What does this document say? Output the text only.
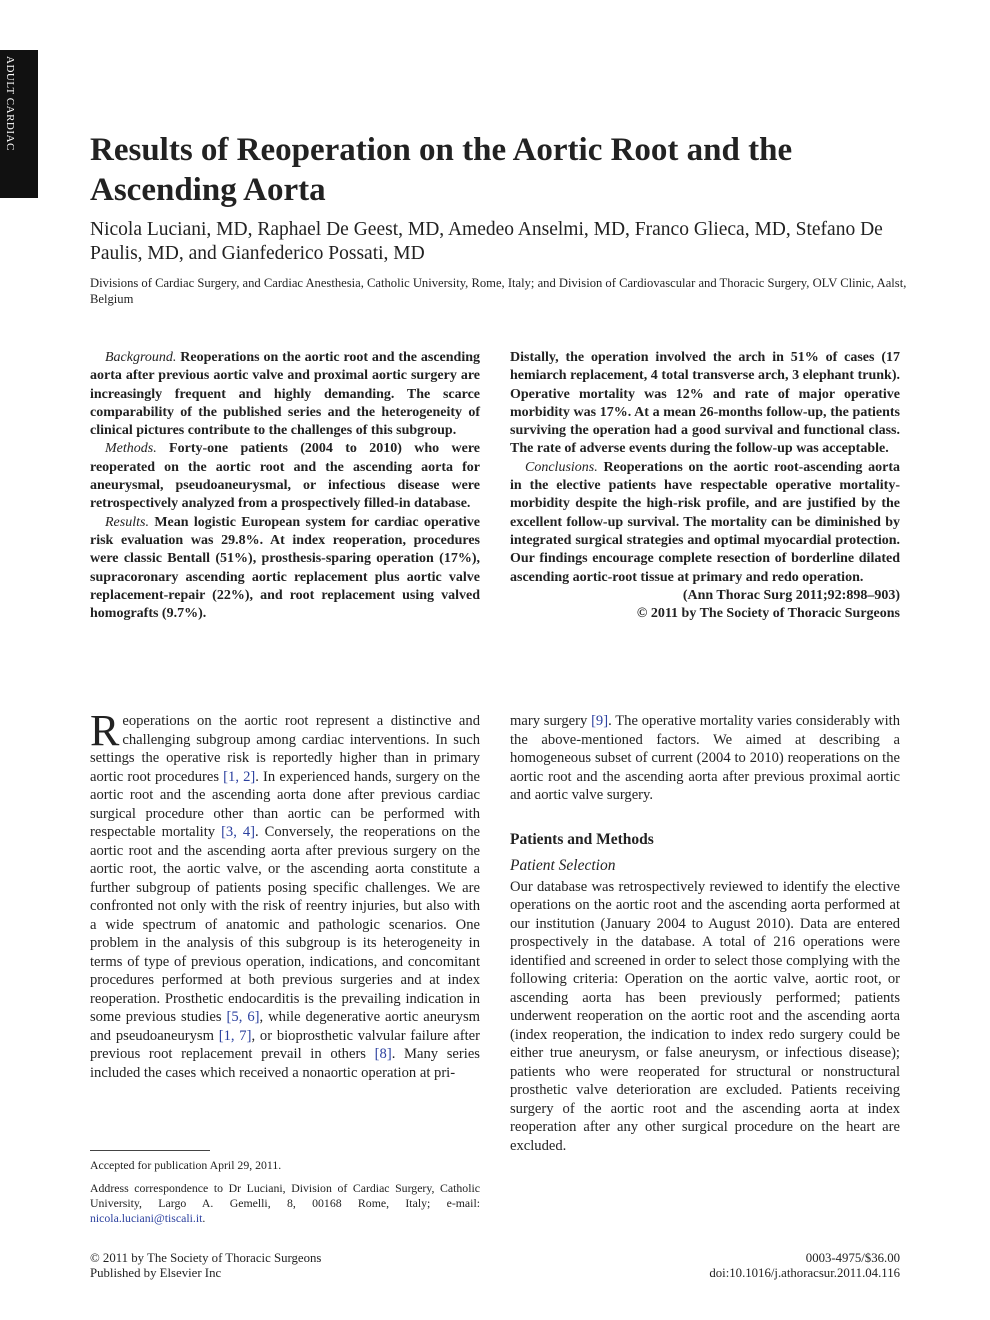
ADULT CARDIAC Results of Reoperation on the Aortic Root and the Ascending Aorta
Nicola Luciani, MD, Raphael De Geest, MD, Amedeo Anselmi, MD, Franco Glieca, MD, Stefano De Paulis, MD, and Gianfederico Possati, MD
Divisions of Cardiac Surgery, and Cardiac Anesthesia, Catholic University, Rome, Italy; and Division of Cardiovascular and Thoracic Surgery, OLV Clinic, Aalst, Belgium

Background. Reoperations on the aortic root and the ascending aorta after previous aortic valve and proximal aortic surgery are increasingly frequent and highly demanding. The scarce comparability of the published series and the heterogeneity of clinical pictures contribute to the challenges of this subgroup.

Methods. Forty-one patients (2004 to 2010) who were reoperated on the aortic root and the ascending aorta for aneurysmal, pseudoaneurysmal, or infectious disease were retrospectively analyzed from a prospectively filled-in database.

Results. Mean logistic European system for cardiac operative risk evaluation was 29.8%. At index reoperation, procedures were classic Bentall (51%), prosthesis-sparing operation (17%), supracoronary ascending aortic replacement plus aortic valve replacement-repair (22%), and root replacement using valved homografts (9.7%).

Distally, the operation involved the arch in 51% of cases (17 hemiarch replacement, 4 total transverse arch, 3 elephant trunk). Operative mortality was 12% and rate of major operative morbidity was 17%. At a mean 26-months follow-up, the patients surviving the operation had a good survival and functional class. The rate of adverse events during the follow-up was acceptable.

Conclusions. Reoperations on the aortic root-ascending aorta in the elective patients have respectable operative mortality-morbidity despite the high-risk profile, and are justified by the excellent follow-up survival. The mortality can be diminished by integrated surgical strategies and optimal myocardial protection. Our findings encourage complete resection of borderline dilated ascending aortic-root tissue at primary and redo operation.

(Ann Thorac Surg 2011;92:898–903)
© 2011 by The Society of Thoracic Surgeons

Reoperations on the aortic root represent a distinctive and challenging subgroup among cardiac interventions. In such settings the operative risk is reportedly higher than in primary aortic root procedures [1, 2]. In experienced hands, surgery on the aortic root and the ascending aorta done after previous cardiac surgical procedure other than aortic can be performed with respectable mortality [3, 4]. Conversely, the reoperations on the aortic root and the ascending aorta after previous surgery on the aortic root, the aortic valve, or the ascending aorta constitute a further subgroup of patients posing specific challenges. We are confronted not only with the risk of reentry injuries, but also with a wide spectrum of anatomic and pathologic scenarios. One problem in the analysis of this subgroup is its heterogeneity in terms of type of previous operation, indications, and concomitant procedures performed at both previous surgeries and at index reoperation. Prosthetic endocarditis is the prevailing indication in some previous studies [5, 6], while degenerative aortic aneurysm and pseudoaneurysm [1, 7], or bioprosthetic valvular failure after previous root replacement prevail in others [8]. Many series included the cases which received a nonaortic operation at pri-

mary surgery [9]. The operative mortality varies considerably with the above-mentioned factors. We aimed at describing a homogeneous subset of current (2004 to 2010) reoperations on the aortic root and the ascending aorta after previous proximal aortic and aortic valve surgery.

Patients and Methods
Patient Selection

Our database was retrospectively reviewed to identify the elective operations on the aortic root and the ascending aorta performed at our institution (January 2004 to August 2010). Data are entered prospectively in the database. A total of 216 operations were identified and screened in order to select those complying with the following criteria: Operation on the aortic valve, aortic root, or ascending aorta has been previously performed; patients underwent reoperation on the aortic root and the ascending aorta (index reoperation, the indication to index redo surgery could be either true aneurysm, or false aneurysm, or infectious disease); patients who were reoperated for structural or nonstructural prosthetic valve deterioration are excluded. Patients receiving surgery of the aortic root and the ascending aorta at index reoperation after any other surgical procedure on the heart are excluded.

Accepted for publication April 29, 2011.
Address correspondence to Dr Luciani, Division of Cardiac Surgery, Catholic University, Largo A. Gemelli, 8, 00168 Rome, Italy; e-mail: nicola.luciani@tiscali.it.
© 2011 by The Society of Thoracic Surgeons
Published by Elsevier Inc
0003-4975/$36.00
doi:10.1016/j.athoracsur.2011.04.116
